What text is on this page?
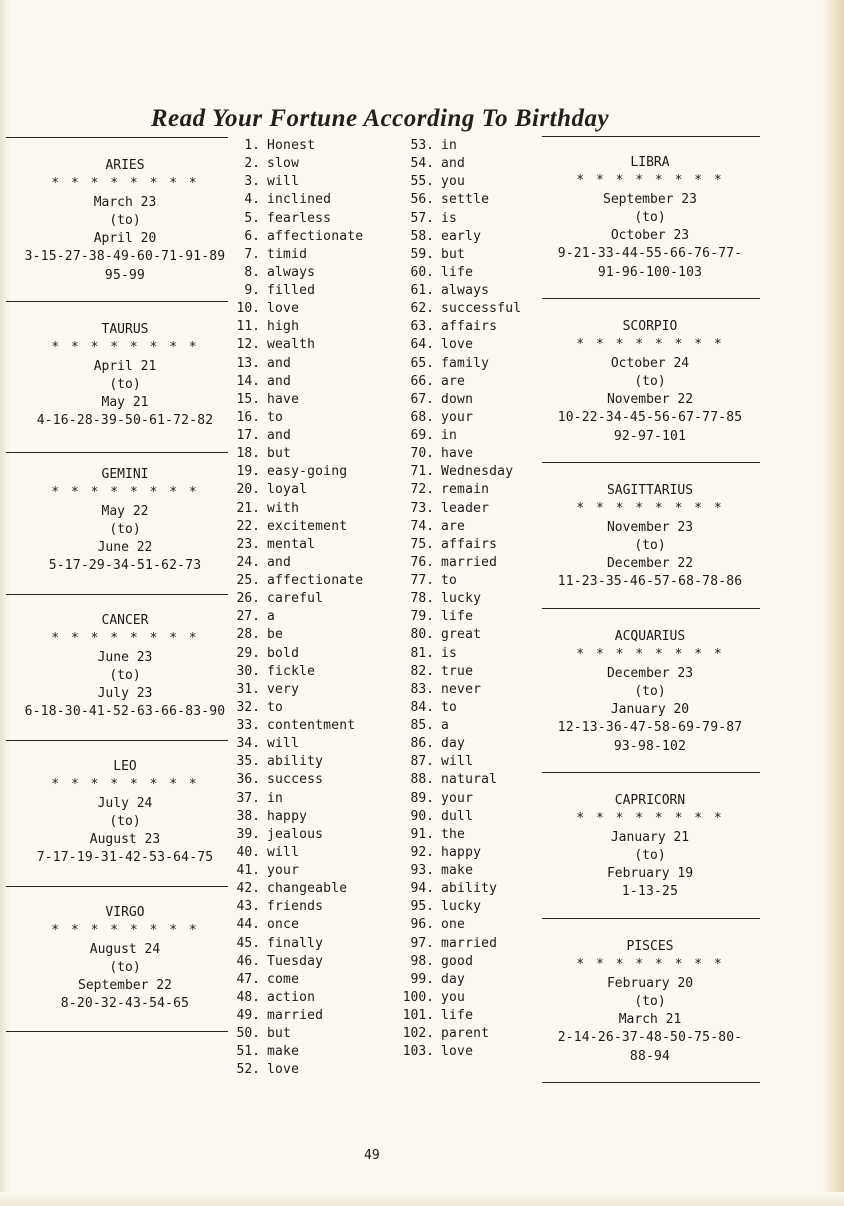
Read Your Fortune According To Birthday
ARIES
* * * * * * * *
March 23
(to)
April 20
3-15-27-38-49-60-71-91-89
95-99
TAURUS
* * * * * * * *
April 21
(to)
May 21
4-16-28-39-50-61-72-82
GEMINI
* * * * * * * *
May 22
(to)
June 22
5-17-29-34-51-62-73
CANCER
* * * * * * * *
June 23
(to)
July 23
6-18-30-41-52-63-66-83-90
LEO
* * * * * * * *
July 24
(to)
August 23
7-17-19-31-42-53-64-75
VIRGO
* * * * * * * *
August 24
(to)
September 22
8-20-32-43-54-65
LIBRA
* * * * * * * *
September 23
(to)
October 23
9-21-33-44-55-66-76-77-
91-96-100-103
SCORPIO
* * * * * * * *
October 24
(to)
November 22
10-22-34-45-56-67-77-85
92-97-101
SAGITTARIUS
* * * * * * * *
November 23
(to)
December 22
11-23-35-46-57-68-78-86
ACQUARIUS
* * * * * * * *
December 23
(to)
January 20
12-13-36-47-58-69-79-87
93-98-102
CAPRICORN
* * * * * * * *
January 21
(to)
February 19
1-13-25
PISCES
* * * * * * * *
February 20
(to)
March 21
2-14-26-37-48-50-75-80-
88-94
1. Honest
2. slow
3. will
4. inclined
5. fearless
6. affectionate
7. timid
8. always
9. filled
10. love
11. high
12. wealth
13. and
14. and
15. have
16. to
17. and
18. but
19. easy-going
20. loyal
21. with
22. excitement
23. mental
24. and
25. affectionate
26. careful
27. a
28. be
29. bold
30. fickle
31. very
32. to
33. contentment
34. will
35. ability
36. success
37. in
38. happy
39. jealous
40. will
41. your
42. changeable
43. friends
44. once
45. finally
46. Tuesday
47. come
48. action
49. married
50. but
51. make
52. love
53. in
54. and
55. you
56. settle
57. is
58. early
59. but
60. life
61. always
62. successful
63. affairs
64. love
65. family
66. are
67. down
68. your
69. in
70. have
71. Wednesday
72. remain
73. leader
74. are
75. affairs
76. married
77. to
78. lucky
79. life
80. great
81. is
82. true
83. never
84. to
85. a
86. day
87. will
88. natural
89. your
90. dull
91. the
92. happy
93. make
94. ability
95. lucky
96. one
97. married
98. good
99. day
100. you
101. life
102. parent
103. love
49
